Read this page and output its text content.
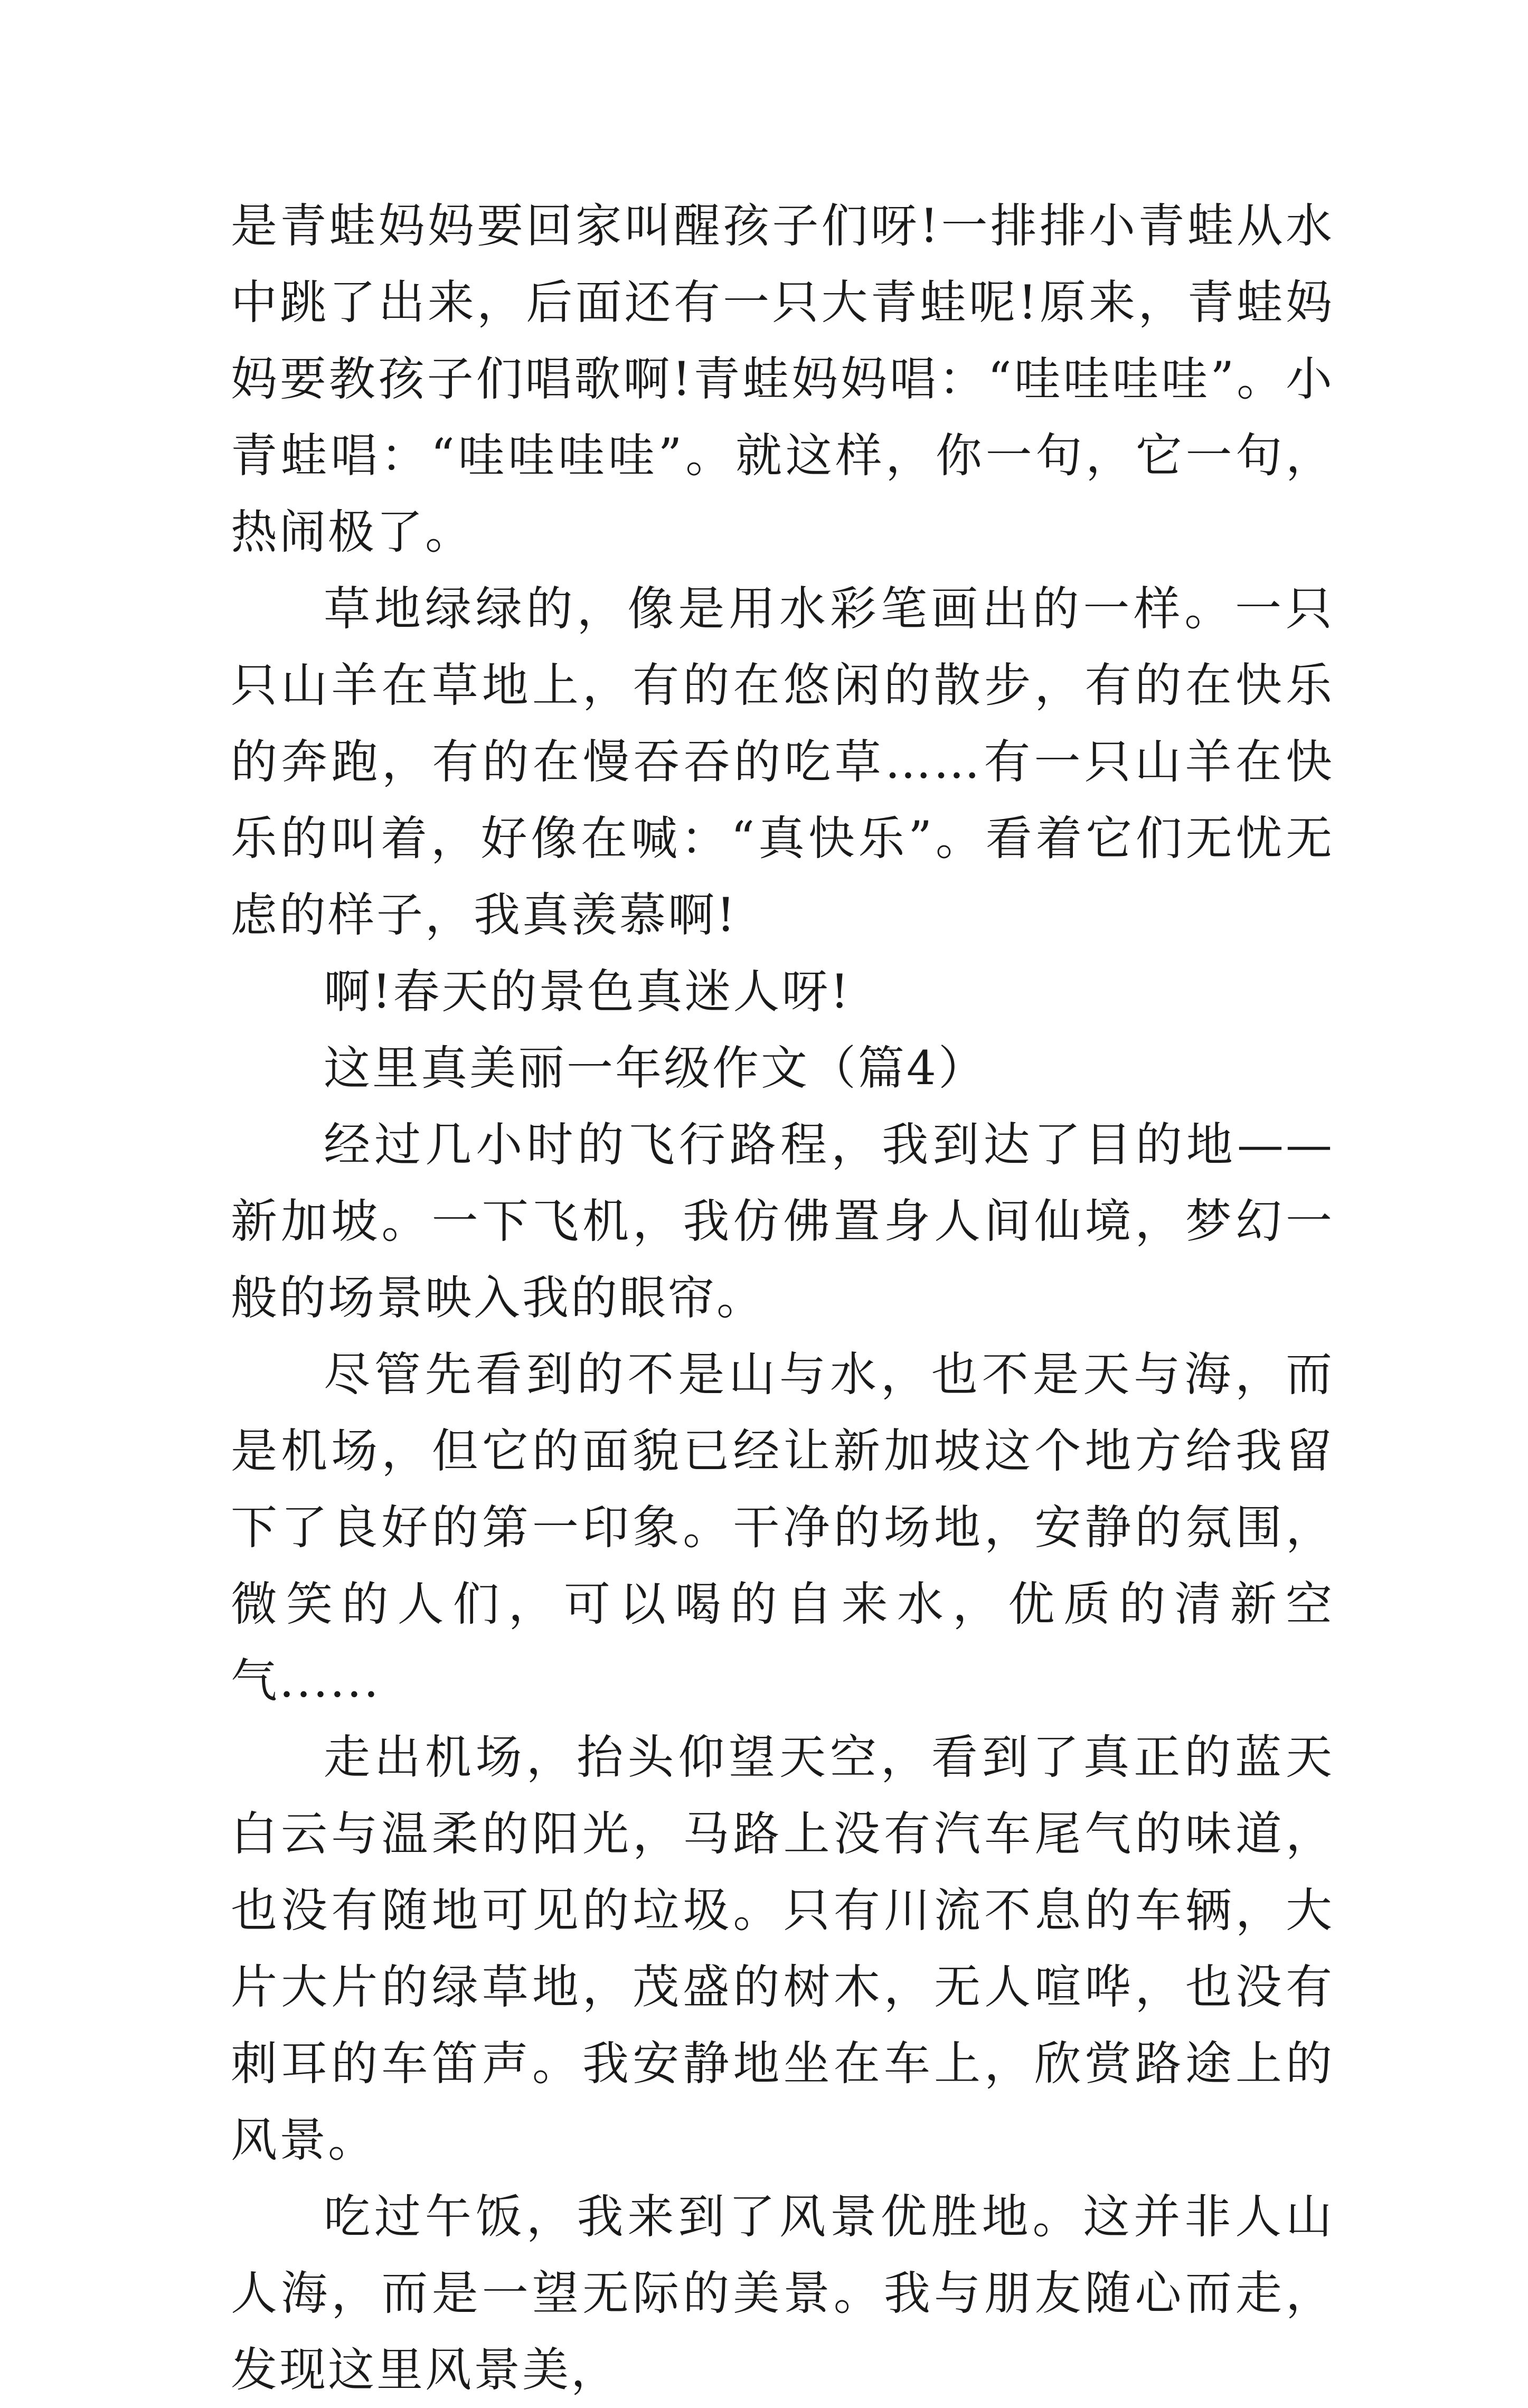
是青蛙妈妈要回家叫醒孩子们呀!一排排小青蛙从水中跳了出来，后面还有一只大青蛙呢!原来，青蛙妈妈要教孩子们唱歌啊!青蛙妈妈唱：“哇哇哇哇”。小青蛙唱：“哇哇哇哇”。就这样，你一句，它一句，热闹极了。

草地绿绿的，像是用水彩笔画出的一样。一只只山羊在草地上，有的在悠闲的散步，有的在快乐的奔跑，有的在慢吞吞的吃草……有一只山羊在快乐的叫着，好像在喊：“真快乐”。看着它们无忧无虑的样子，我真羡慕啊!

啊!春天的景色真迷人呀!

这里真美丽一年级作文（篇4）

经过几小时的飞行路程，我到达了目的地——新加坡。一下飞机，我仿佛置身人间仙境，梦幻一般的场景映入我的眼帘。

尽管先看到的不是山与水，也不是天与海，而是机场，但它的面貌已经让新加坡这个地方给我留下了良好的第一印象。干净的场地，安静的氛围，微笑的人们，可以喝的自来水，优质的清新空气......

走出机场，抬头仰望天空，看到了真正的蓝天白云与温柔的阳光，马路上没有汽车尾气的味道，也没有随地可见的垃圾。只有川流不息的车辆，大片大片的绿草地，茂盛的树木，无人喧哗，也没有刺耳的车笛声。我安静地坐在车上，欣赏路途上的风景。

吃过午饭，我来到了风景优胜地。这并非人山人海，而是一望无际的美景。我与朋友随心而走，发现这里风景美，
